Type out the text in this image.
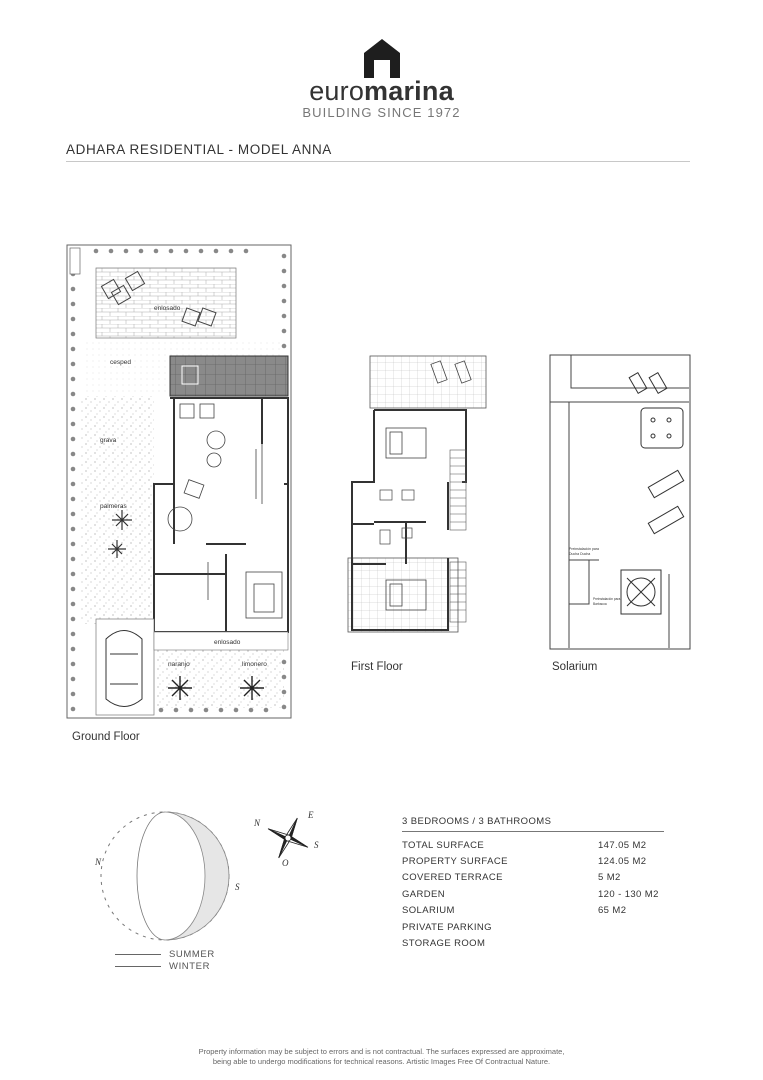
euromarina
BUILDING SINCE 1972
ADHARA RESIDENTIAL - MODEL ANNA
enlosado
cesped
grava
palmeras
enlosado
naranjo	limonero
Ground Floor
First Floor
Preinstalación para
Ducha Ducha
Preinstalación para
Barbacoa
Solarium
N
S
N
E
S
O
SUMMER
WINTER
3 BEDROOMS / 3 BATHROOMS
TOTAL SURFACE	147.05 M2
PROPERTY SURFACE	124.05 M2
COVERED TERRACE	5 M2
GARDEN	120 - 130 M2
SOLARIUM	65 M2
PRIVATE PARKING
STORAGE ROOM
Property information may be subject to errors and is not contractual. The surfaces expressed are approximate,
being able to undergo modifications for technical reasons. Artistic Images Free Of Contractual Nature.
